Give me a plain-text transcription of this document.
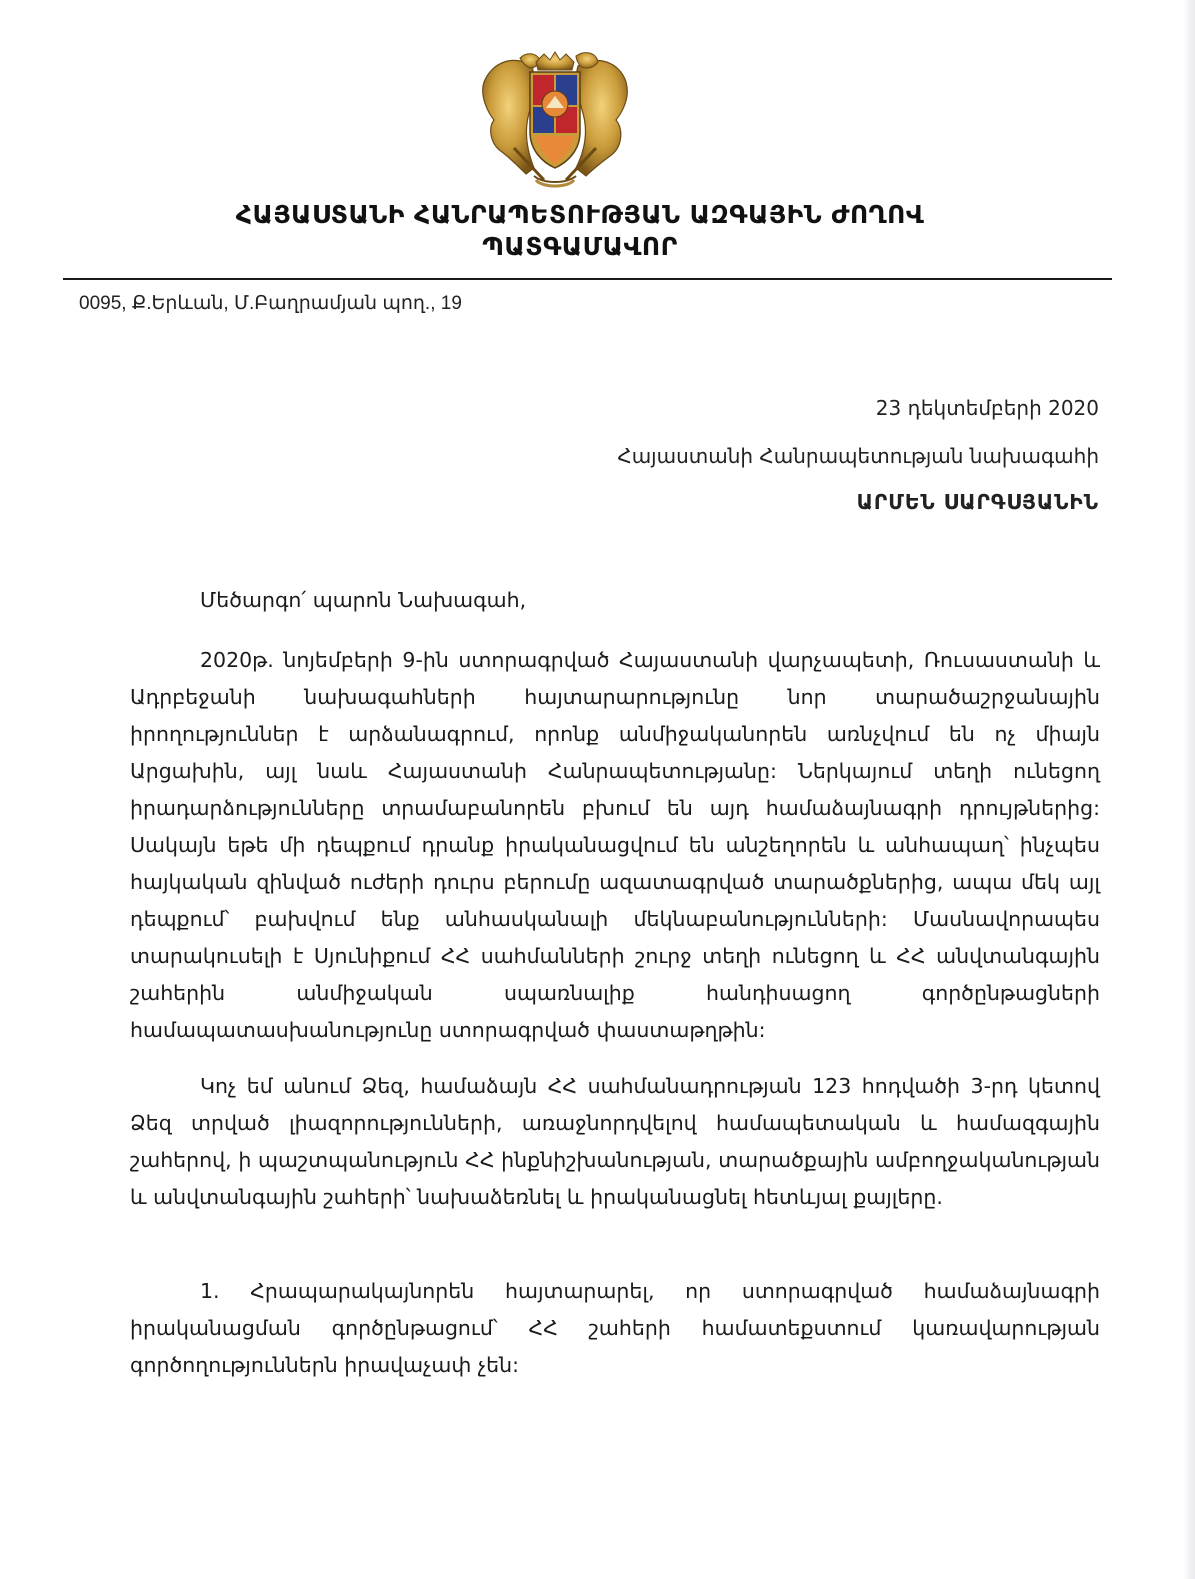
ՀԱՅԱՍՏԱՆԻ ՀԱՆՐԱՊԵՏՈՒԹՅԱՆ ԱԶԳԱՅԻՆ ԺՈՂՈՎ
ՊԱՏԳԱՄԱՎՈՐ
0095, Ք.Երևան, Մ.Բաղրամյան պող., 19
23 դեկտեմբերի 2020
Հայաստանի Հանրապետության նախագահի
ԱՐՄԵՆ ՍԱՐԳՍՅԱՆԻՆ
Մեծարգո՛ պարոն Նախագահ,

2020թ. նոյեմբերի 9-ին ստորագրված Հայաստանի վարչապետի, Ռուսաստանի և Ադրբեջանի նախագահների հայտարարությունը նոր տարածաշրջանային իրողություններ է արձանագրում, որոնք անմիջականորեն առնչվում են ոչ միայն Արցախին, այլ նաև Հայաստանի Հանրապետությանը: Ներկայում տեղի ունեցող իրադարձությունները տրամաբանորեն բխում են այդ համաձայնագրի դրույթներից: Սակայն եթե մի դեպքում դրանք իրականացվում են անշեղորեն և անհապաղ՝ ինչպես հայկական զինված ուժերի դուրս բերումը ազատագրված տարածքներից, ապա մեկ այլ դեպքում՝ բախվում ենք անհասկանալի մեկնաբանությունների: Մասնավորապես տարակուսելի է Սյունիքում ՀՀ սահմանների շուրջ տեղի ունեցող և ՀՀ անվտանգային շահերին անմիջական սպառնալիք հանդիսացող գործընթացների համապատասխանությունը ստորագրված փաստաթղթին:

Կոչ եմ անում Ձեզ, համաձայն ՀՀ սահմանադրության 123 հոդվածի 3-րդ կետով Ձեզ տրված լիազորությունների, առաջնորդվելով համապետական և համազգային շահերով, ի պաշտպանություն ՀՀ ինքնիշխանության, տարածքային ամբողջականության և անվտանգային շահերի՝ նախաձեռնել և իրականացնել հետևյալ քայլերը.

1. Հրապարակայնորեն հայտարարել, որ ստորագրված համաձայնագրի իրականացման գործընթացում՝ ՀՀ շահերի համատեքստում կառավարության գործողություններն իրավաչափ չեն:
